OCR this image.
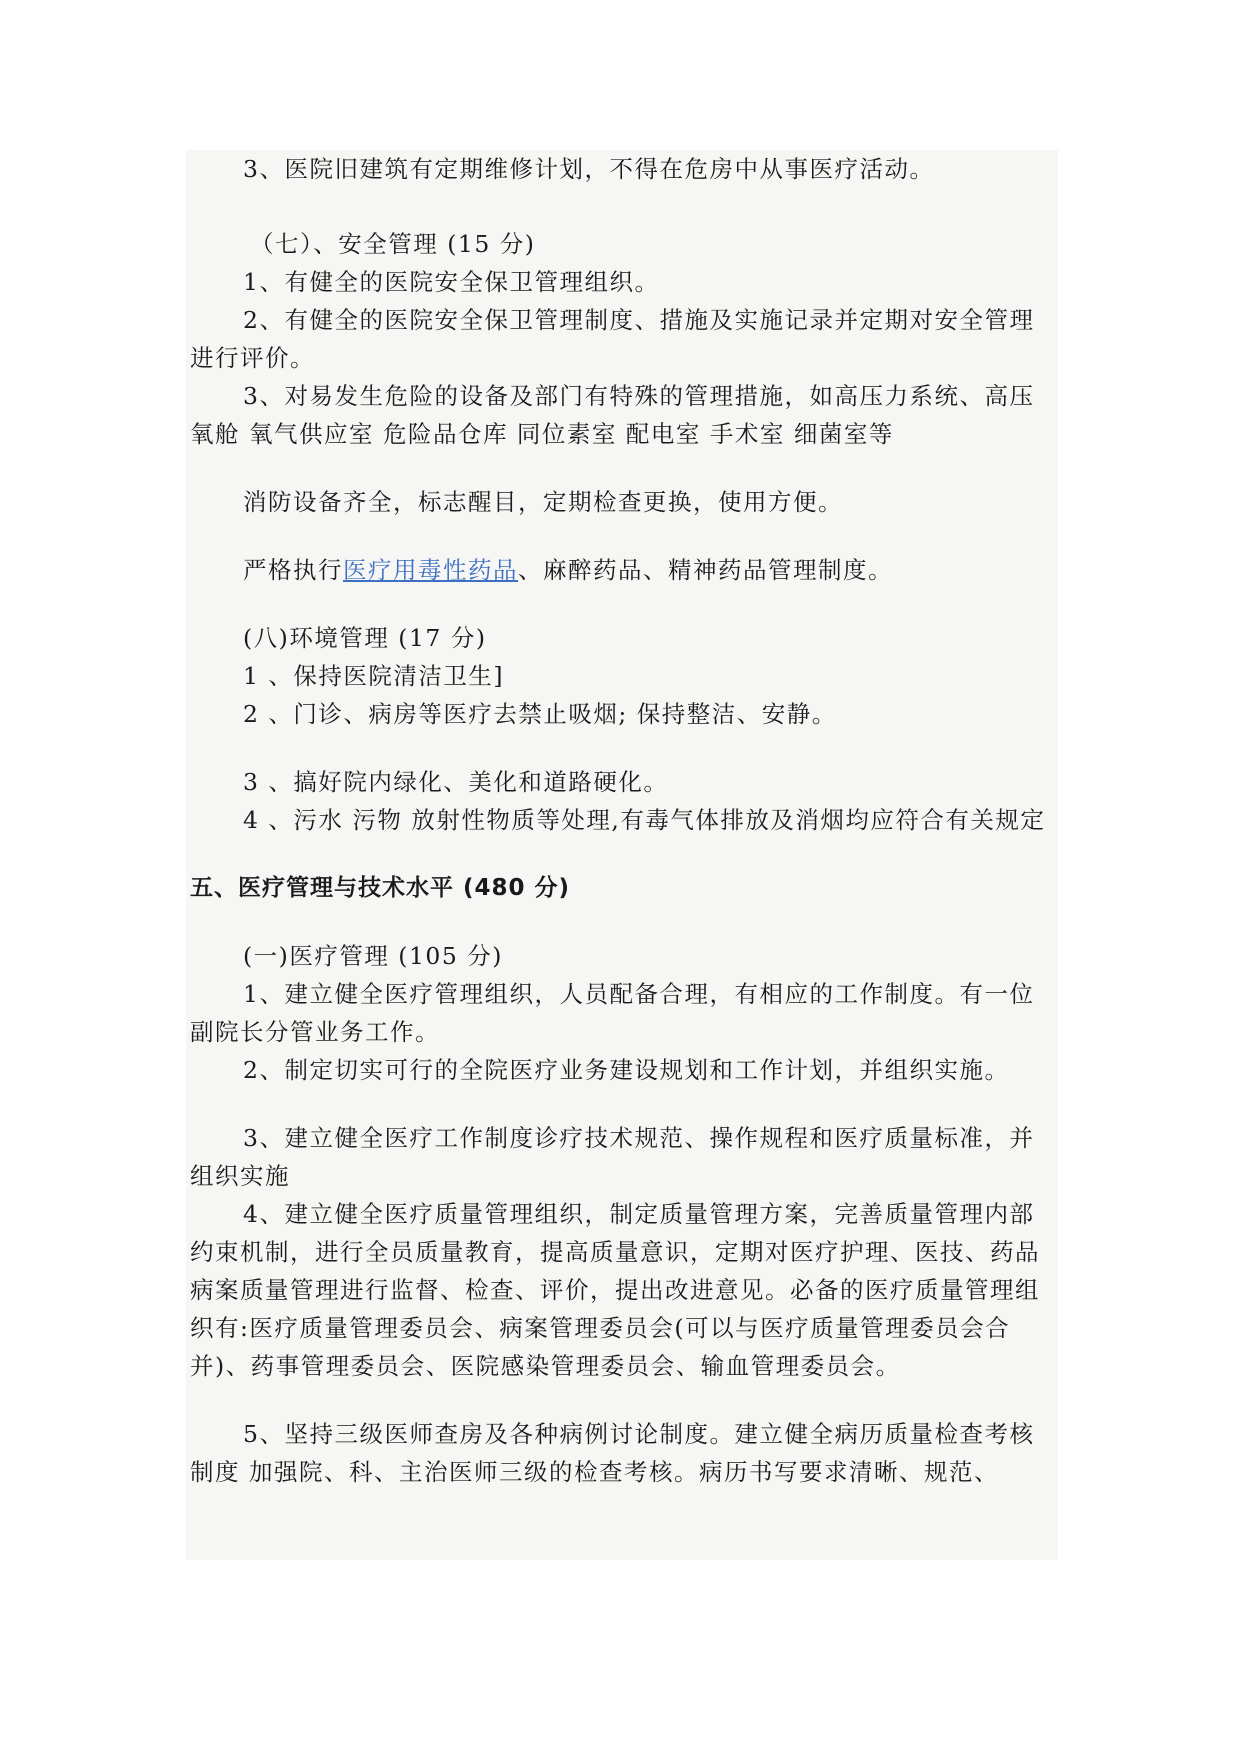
3、医院旧建筑有定期维修计划，不得在危房中从事医疗活动。

（七）、安全管理 (15 分)

1、有健全的医院安全保卫管理组织。

2、有健全的医院安全保卫管理制度、措施及实施记录并定期对安全管理进行评价。

3、对易发生危险的设备及部门有特殊的管理措施，如高压力系统、高压氧舱 氧气供应室 危险品仓库 同位素室 配电室 手术室 细菌室等

消防设备齐全，标志醒目，定期检查更换，使用方便。

严格执行医疗用毒性药品、麻醉药品、精神药品管理制度。

(八)环境管理 (17 分)

1 、保持医院清洁卫生]

2 、门诊、病房等医疗去禁止吸烟; 保持整洁、安静。

3 、搞好院内绿化、美化和道路硬化。

4 、污水 污物 放射性物质等处理,有毒气体排放及消烟均应符合有关规定

五、医疗管理与技术水平 (480 分)

(一)医疗管理 (105 分)

1、建立健全医疗管理组织，人员配备合理，有相应的工作制度。有一位副院长分管业务工作。

2、制定切实可行的全院医疗业务建设规划和工作计划，并组织实施。

3、建立健全医疗工作制度诊疗技术规范、操作规程和医疗质量标准，并组织实施

4、建立健全医疗质量管理组织，制定质量管理方案，完善质量管理内部约束机制，进行全员质量教育，提高质量意识，定期对医疗护理、医技、药品病案质量管理进行监督、检查、评价，提出改进意见。必备的医疗质量管理组织有:医疗质量管理委员会、病案管理委员会(可以与医疗质量管理委员会合并)、药事管理委员会、医院感染管理委员会、输血管理委员会。

5、坚持三级医师查房及各种病例讨论制度。建立健全病历质量检查考核制度 加强院、科、主治医师三级的检查考核。病历书写要求清晰、规范、
